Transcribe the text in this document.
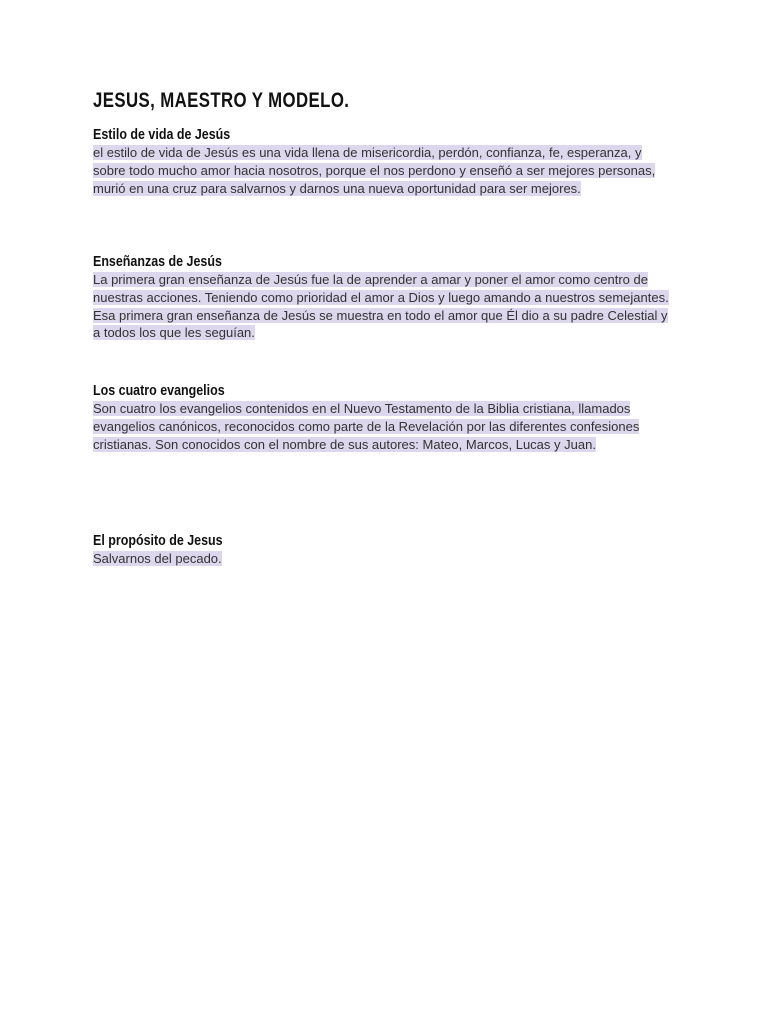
JESUS, MAESTRO Y MODELO.
Estilo de vida de Jesús

el estilo de vida de Jesús es una vida llena de misericordia, perdón, confianza, fe, esperanza, y sobre todo mucho amor hacia nosotros, porque el nos perdono y enseñó a ser mejores personas, murió en una cruz para salvarnos y darnos una nueva oportunidad para ser mejores.

Enseñanzas de Jesús

La primera gran enseñanza de Jesús fue la de aprender a amar y poner el amor como centro de nuestras acciones. Teniendo como prioridad el amor a Dios y luego amando a nuestros semejantes. Esa primera gran enseñanza de Jesús se muestra en todo el amor que Él dio a su padre Celestial y a todos los que les seguían.

Los cuatro evangelios

Son cuatro los evangelios contenidos en el Nuevo Testamento de la Biblia cristiana, llamados evangelios canónicos, reconocidos como parte de la Revelación por las diferentes confesiones cristianas. Son conocidos con el nombre de sus autores: Mateo, Marcos, Lucas y Juan.

El propósito de Jesus

Salvarnos del pecado.
